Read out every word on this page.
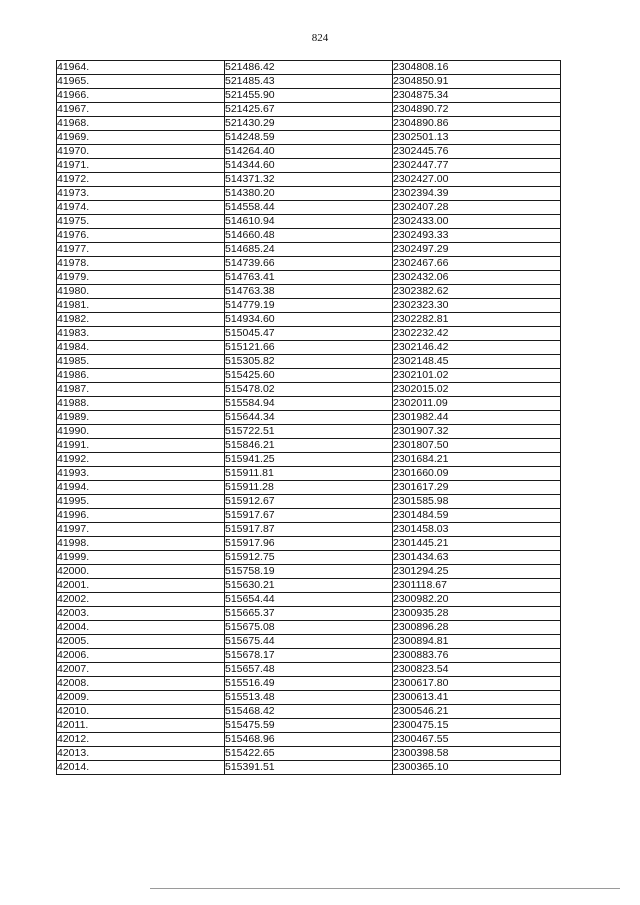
824
41964.	521486.42	2304808.16
41965.	521485.43	2304850.91
41966.	521455.90	2304875.34
41967.	521425.67	2304890.72
41968.	521430.29	2304890.86
41969.	514248.59	2302501.13
41970.	514264.40	2302445.76
41971.	514344.60	2302447.77
41972.	514371.32	2302427.00
41973.	514380.20	2302394.39
41974.	514558.44	2302407.28
41975.	514610.94	2302433.00
41976.	514660.48	2302493.33
41977.	514685.24	2302497.29
41978.	514739.66	2302467.66
41979.	514763.41	2302432.06
41980.	514763.38	2302382.62
41981.	514779.19	2302323.30
41982.	514934.60	2302282.81
41983.	515045.47	2302232.42
41984.	515121.66	2302146.42
41985.	515305.82	2302148.45
41986.	515425.60	2302101.02
41987.	515478.02	2302015.02
41988.	515584.94	2302011.09
41989.	515644.34	2301982.44
41990.	515722.51	2301907.32
41991.	515846.21	2301807.50
41992.	515941.25	2301684.21
41993.	515911.81	2301660.09
41994.	515911.28	2301617.29
41995.	515912.67	2301585.98
41996.	515917.67	2301484.59
41997.	515917.87	2301458.03
41998.	515917.96	2301445.21
41999.	515912.75	2301434.63
42000.	515758.19	2301294.25
42001.	515630.21	2301118.67
42002.	515654.44	2300982.20
42003.	515665.37	2300935.28
42004.	515675.08	2300896.28
42005.	515675.44	2300894.81
42006.	515678.17	2300883.76
42007.	515657.48	2300823.54
42008.	515516.49	2300617.80
42009.	515513.48	2300613.41
42010.	515468.42	2300546.21
42011.	515475.59	2300475.15
42012.	515468.96	2300467.55
42013.	515422.65	2300398.58
42014.	515391.51	2300365.10
